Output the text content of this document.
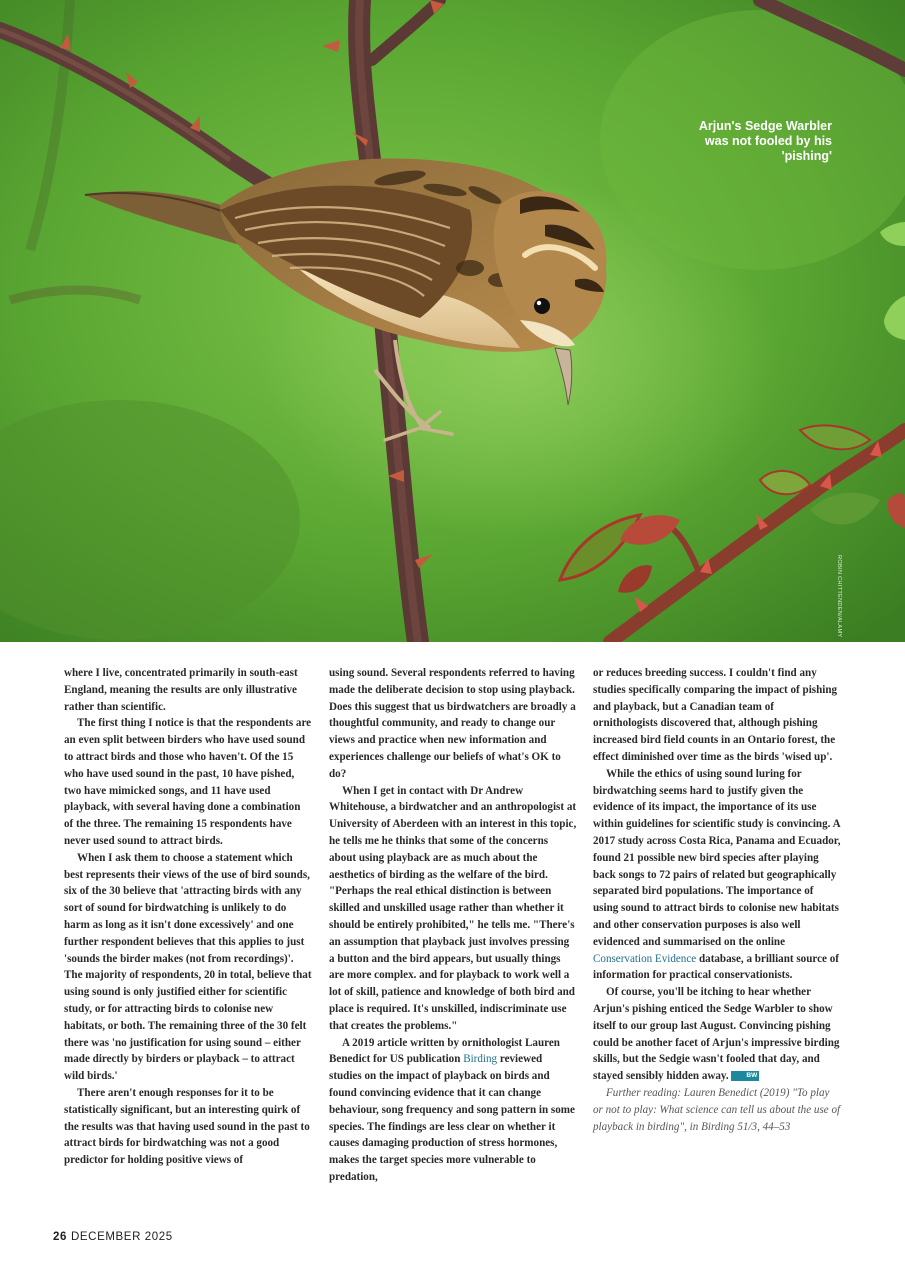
Arjun's Sedge Warbler was not fooled by his 'pishing'
ROBIN CHITTENDEN/ALAMY

where I live, concentrated primarily in south-east England, meaning the results are only illustrative rather than scientific.

The first thing I notice is that the respondents are an even split between birders who have used sound to attract birds and those who haven't. Of the 15 who have used sound in the past, 10 have pished, two have mimicked songs, and 11 have used playback, with several having done a combination of the three. The remaining 15 respondents have never used sound to attract birds.

When I ask them to choose a statement which best represents their views of the use of bird sounds, six of the 30 believe that 'attracting birds with any sort of sound for birdwatching is unlikely to do harm as long as it isn't done excessively' and one further respondent believes that this applies to just 'sounds the birder makes (not from recordings)'. The majority of respondents, 20 in total, believe that using sound is only justified either for scientific study, or for attracting birds to colonise new habitats, or both. The remaining three of the 30 felt there was 'no justification for using sound – either made directly by birders or playback – to attract wild birds.'

There aren't enough responses for it to be statistically significant, but an interesting quirk of the results was that having used sound in the past to attract birds for birdwatching was not a good predictor for holding positive views of

using sound. Several respondents referred to having made the deliberate decision to stop using playback. Does this suggest that us birdwatchers are broadly a thoughtful community, and ready to change our views and practice when new information and experiences challenge our beliefs of what's OK to do?

When I get in contact with Dr Andrew Whitehouse, a birdwatcher and an anthropologist at University of Aberdeen with an interest in this topic, he tells me he thinks that some of the concerns about using playback are as much about the aesthetics of birding as the welfare of the bird. "Perhaps the real ethical distinction is between skilled and unskilled usage rather than whether it should be entirely prohibited," he tells me. "There's an assumption that playback just involves pressing a button and the bird appears, but usually things are more complex. and for playback to work well a lot of skill, patience and knowledge of both bird and place is required. It's unskilled, indiscriminate use that creates the problems."

A 2019 article written by ornithologist Lauren Benedict for US publication Birding reviewed studies on the impact of playback on birds and found convincing evidence that it can change behaviour, song frequency and song pattern in some species. The findings are less clear on whether it causes damaging production of stress hormones, makes the target species more vulnerable to predation,

or reduces breeding success. I couldn't find any studies specifically comparing the impact of pishing and playback, but a Canadian team of ornithologists discovered that, although pishing increased bird field counts in an Ontario forest, the effect diminished over time as the birds 'wised up'.

While the ethics of using sound luring for birdwatching seems hard to justify given the evidence of its impact, the importance of its use within guidelines for scientific study is convincing. A 2017 study across Costa Rica, Panama and Ecuador, found 21 possible new bird species after playing back songs to 72 pairs of related but geographically separated bird populations. The importance of using sound to attract birds to colonise new habitats and other conservation purposes is also well evidenced and summarised on the online Conservation Evidence database, a brilliant source of information for practical conservationists.

Of course, you'll be itching to hear whether Arjun's pishing enticed the Sedge Warbler to show itself to our group last August. Convincing pishing could be another facet of Arjun's impressive birding skills, but the Sedgie wasn't fooled that day, and stayed sensibly hidden away.	BW

Further reading: Lauren Benedict (2019) "To play or not to play: What science can tell us about the use of playback in birding", in Birding 51/3, 44–53

26 DECEMBER 2025
